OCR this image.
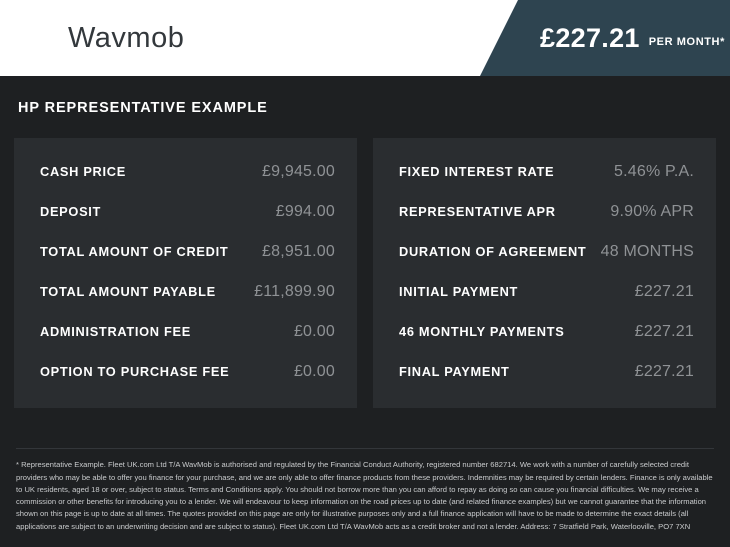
Wavmob	£227.21 PER MONTH*
HP REPRESENTATIVE EXAMPLE
CASH PRICE	£9,945.00
DEPOSIT	£994.00
TOTAL AMOUNT OF CREDIT £8,951.00
TOTAL AMOUNT PAYABLE £11,899.90
ADMINISTRATION FEE	£0.00
OPTION TO PURCHASE FEE	£0.00
FIXED INTEREST RATE	5.46% P.A.
REPRESENTATIVE APR	9.90% APR
DURATION OF AGREEMENT 48 MONTHS
INITIAL PAYMENT	£227.21
46 MONTHLY PAYMENTS	£227.21
FINAL PAYMENT	£227.21

* Representative Example. Fleet UK.com Ltd T/A WavMob is authorised and regulated by the Financial Conduct Authority, registered number 682714. We work with a number of carefully selected credit providers who may be able to offer you finance for your purchase, and we are only able to offer finance products from these providers. Indemnities may be required by certain lenders. Finance is only available to UK residents, aged 18 or over, subject to status. Terms and Conditions apply. You should not borrow more than you can afford to repay as doing so can cause you financial difficulties. We may receive a commission or other benefits for introducing you to a lender. We will endeavour to keep information on the road prices up to date (and related finance examples) but we cannot guarantee that the information shown on this page is up to date at all times. The quotes provided on this page are only for illustrative purposes only and a full finance application will have to be made to determine the exact details (all applications are subject to an underwriting decision and are subject to status). Fleet UK.com Ltd T/A WavMob acts as a credit broker and not a lender. Address: 7 Stratfield Park, Waterlooville, PO7 7XN
